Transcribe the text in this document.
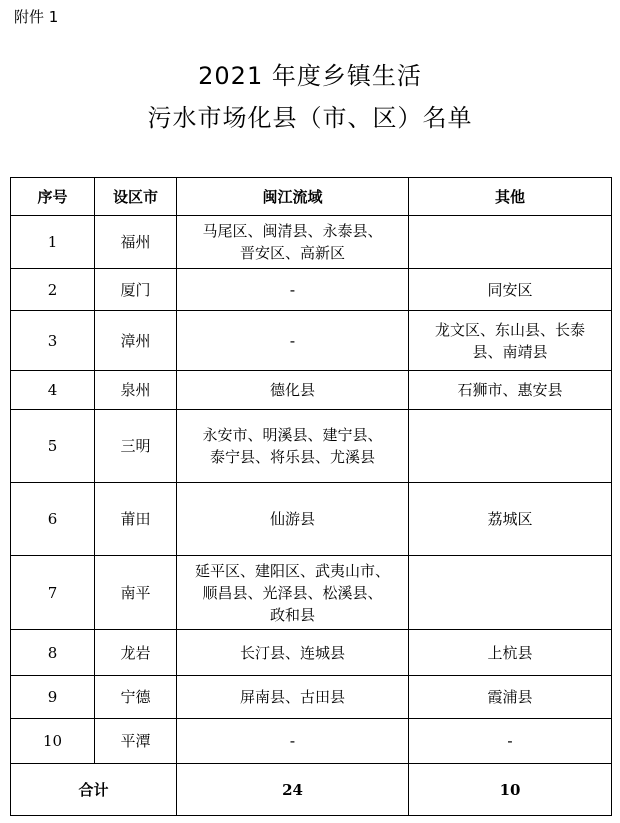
附件 1
2021 年度乡镇生活
污水市场化县（市、区）名单
序号	设区市	闽江流域	其他
1	福州	马尾区、闽清县、永泰县、
晋安区、高新区	
2	厦门	-	同安区
3	漳州	-	龙文区、东山县、长泰
县、南靖县
4	泉州	德化县	石狮市、惠安县
5	三明	永安市、明溪县、建宁县、
泰宁县、将乐县、尤溪县	
6	莆田	仙游县	荔城区
7	南平	延平区、建阳区、武夷山市、
顺昌县、光泽县、松溪县、
政和县	
8	龙岩	长汀县、连城县	上杭县
9	宁德	屏南县、古田县	霞浦县
10	平潭	-	-
合计		24	10
